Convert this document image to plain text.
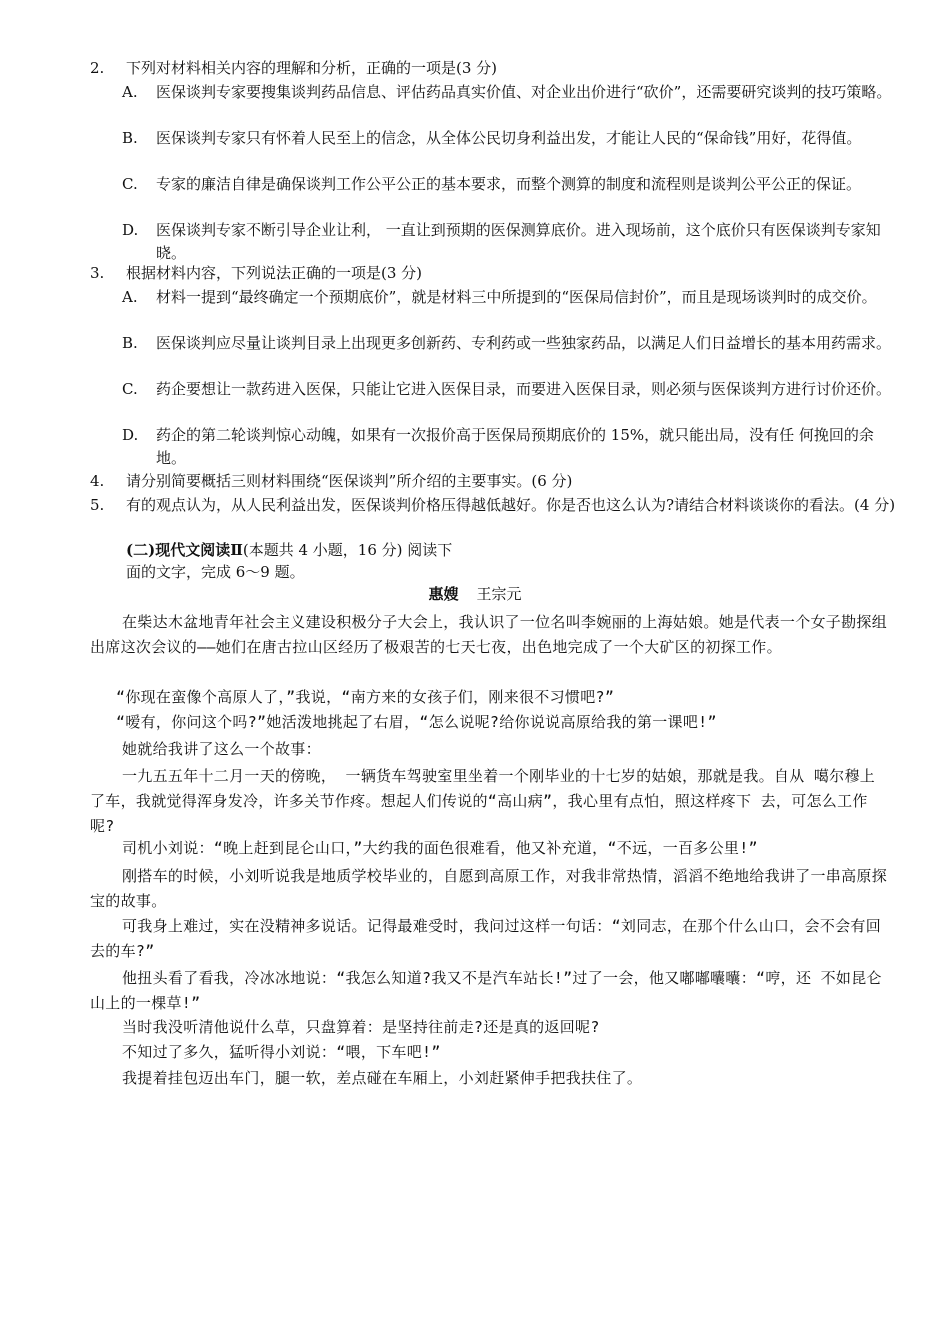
2.	下列对材料相关内容的理解和分析，正确的一项是(3 分)
A.	医保谈判专家要搜集谈判药品信息、评估药品真实价值、对企业出价进行“砍价”，还需要研究谈判的技巧策略。
B.	医保谈判专家只有怀着人民至上的信念，从全体公民切身利益出发，才能让人民的“保命钱”用好，花得值。
C.	专家的廉洁自律是确保谈判工作公平公正的基本要求，而整个测算的制度和流程则是谈判公平公正的保证。
D.	医保谈判专家不断引导企业让利， 一直让到预期的医保测算底价。进入现场前，这个底价只有医保谈判专家知晓。
3.	根据材料内容，下列说法正确的一项是(3 分)
A.	材料一提到“最终确定一个预期底价”，就是材料三中所提到的“医保局信封价”，而且是现场谈判时的成交价。
B.	医保谈判应尽量让谈判目录上出现更多创新药、专利药或一些独家药品，以满足人们日益增长的基本用药需求。
C.	药企要想让一款药进入医保，只能让它进入医保目录，而要进入医保目录，则必须与医保谈判方进行讨价还价。
D.	药企的第二轮谈判惊心动魄，如果有一次报价高于医保局预期底价的 15%，就只能出局，没有任 何挽回的余地。
4.	请分别简要概括三则材料围绕“医保谈判”所介绍的主要事实。(6 分)
5.	有的观点认为，从人民利益出发，医保谈判价格压得越低越好。你是否也这么认为?请结合材料谈谈你的看法。(4 分)
(二)现代文阅读Ⅱ(本题共 4 小题，16 分) 阅读下面的文字，完成 6～9 题。
惠嫂 王宗元
在柴达木盆地青年社会主义建设积极分子大会上，我认识了一位名叫李婉丽的上海姑娘。她是代表一个女子勘探组出席这次会议的——她们在唐古拉山区经历了极艰苦的七天七夜，出色地完成了一个大矿区的初探工作。
“你现在蛮像个高原人了，”我说，“南方来的女孩子们，刚来很不习惯吧?”
“嗳有，你问这个吗?”她活泼地挑起了右眉，“怎么说呢?给你说说高原给我的第一课吧!”
她就给我讲了这么一个故事：
一九五五年十二月一天的傍晚， 一辆货车驾驶室里坐着一个刚毕业的十七岁的姑娘，那就是我。自从 噶尔穆上了车，我就觉得浑身发冷，许多关节作疼。想起人们传说的“高山病”，我心里有点怕，照这样疼下 去，可怎么工作呢?
司机小刘说：“晚上赶到昆仑山口，”大约我的面色很难看，他又补充道，“不远，一百多公里!”
刚搭车的时候，小刘听说我是地质学校毕业的，自愿到高原工作，对我非常热情，滔滔不绝地给我讲了一串高原探宝的故事。
可我身上难过，实在没精神多说话。记得最难受时，我问过这样一句话：“刘同志，在那个什么山口，会不会有回去的车?”
他扭头看了看我，冷冰冰地说：“我怎么知道?我又不是汽车站长!”过了一会，他又嘟嘟囔囔：“哼，还 不如昆仑山上的一棵草!”
当时我没听清他说什么草，只盘算着：是坚持往前走?还是真的返回呢?
不知过了多久，猛听得小刘说：“喂，下车吧!”
我提着挂包迈出车门，腿一软，差点碰在车厢上，小刘赶紧伸手把我扶住了。
